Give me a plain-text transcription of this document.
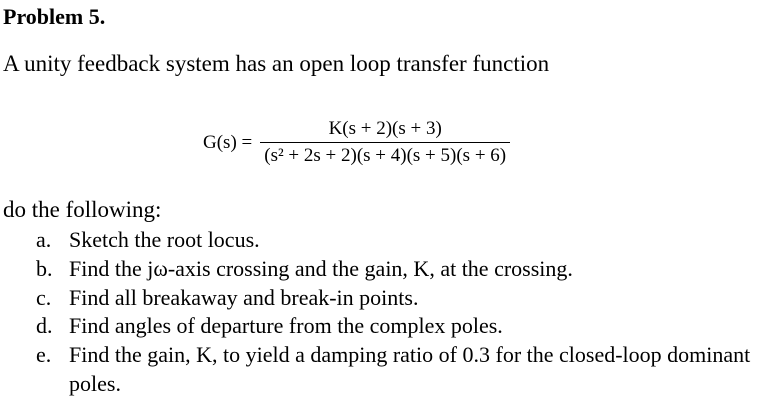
Problem 5.
A unity feedback system has an open loop transfer function
$G(s) = \frac{K(s + 2)(s + 3)}{\text{(s² + 2s + 2)(s + 4)(s + 5)(s + 6)}}$
do the following:
a. Sketch the root locus.
b. Find the jω-axis crossing and the gain, K, at the crossing.
c. Find all breakaway and break-in points.
d. Find angles of departure from the complex poles.
e. Find the gain, K, to yield a damping ratio of 0.3 for the closed-loop dominant poles.
